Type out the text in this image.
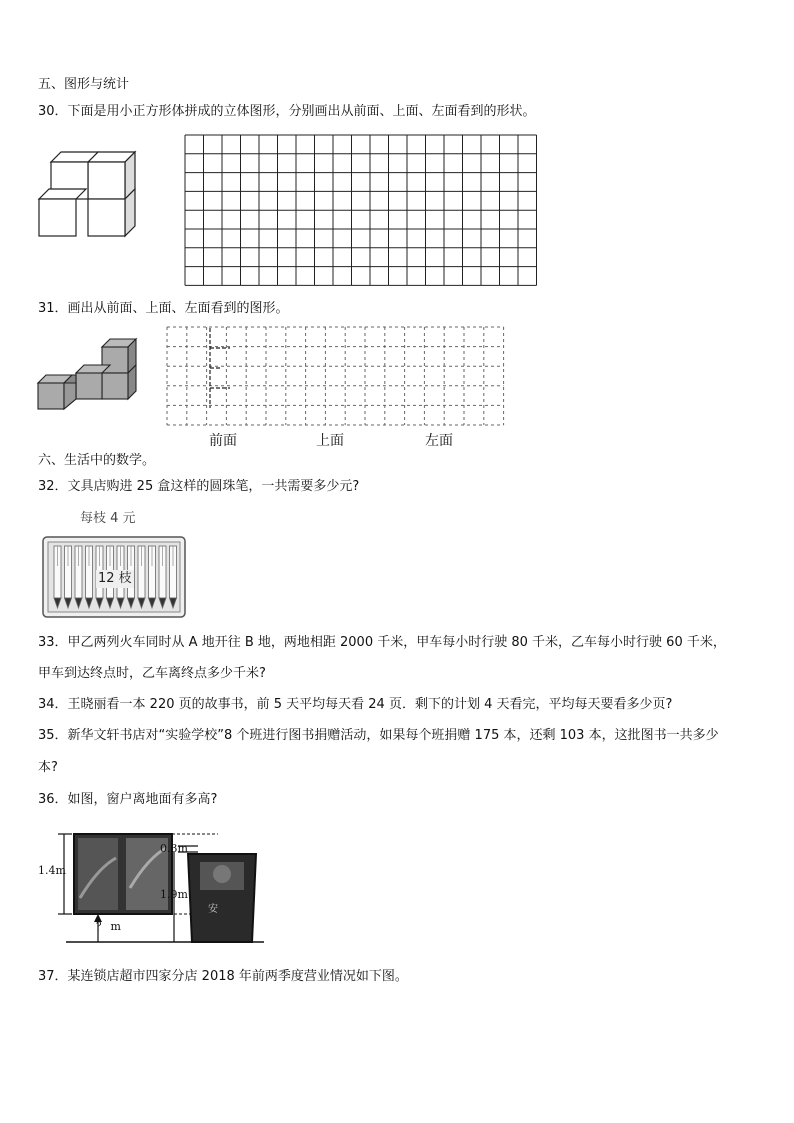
五、图形与统计
30．下面是用小正方形体拼成的立体图形，分别画出从前面、上面、左面看到的形状。
31．画出从前面、上面、左面看到的图形。
前面	上面	左面
六、生活中的数学。
32．文具店购进 25 盒这样的圆珠笔，一共需要多少元?
每枝 4 元
12 枝
33．甲乙两列火车同时从 A 地开往 B 地，两地相距 2000 千米，甲车每小时行驶 80 千米，乙车每小时行驶 60 千米，
甲车到达终点时，乙车离终点多少千米?
34．王晓丽看一本 220 页的故事书，前 5 天平均每天看 24 页．剩下的计划 4 天看完，平均每天要看多少页?
35．新华文轩书店对“实验学校”8 个班进行图书捐赠活动，如果每个班捐赠 175 本，还剩 103 本，这批图书一共多少
本?
36．如图，窗户离地面有多高?
安
1.4m
0.3m
1.9m
？ m
37．某连锁店超市四家分店 2018 年前两季度营业情况如下图。
